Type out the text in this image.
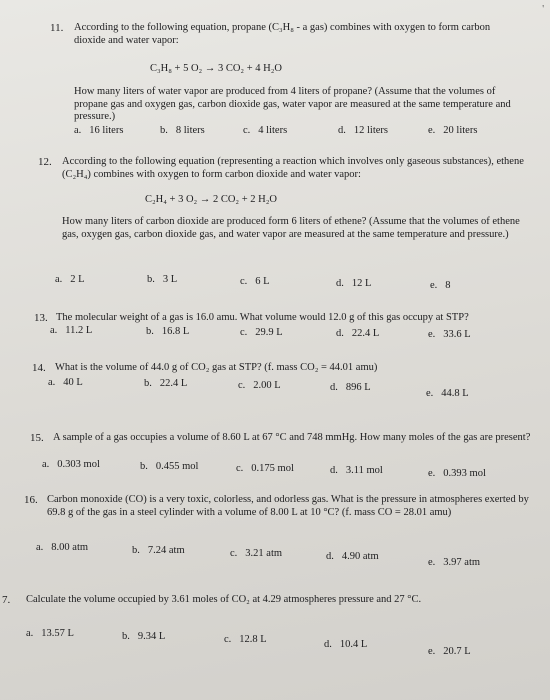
'
11. According to the following equation, propane (C₃H₈ - a gas) combines with oxygen to form carbon dioxide and water vapor:
C₃H₈ + 5 O₂ → 3 CO₂ + 4 H₂O
How many liters of water vapor are produced from 4 liters of propane? (Assume that the volumes of propane gas and oxygen gas, carbon dioxide gas, water vapor are measured at the same temperature and pressure.)
a. 16 liters	b. 8 liters	c. 4 liters	d. 12 liters	e. 20 liters
12. According to the following equation (representing a reaction which involves only gaseous substances), ethene (C₂H₄) combines with oxygen to form carbon dioxide and water vapor:
C₂H₄ + 3 O₂ → 2 CO₂ + 2 H₂O
How many liters of carbon dioxide are produced form 6 liters of ethene? (Assume that the volumes of ethene gas, oxygen gas, carbon dioxide gas, and water vapor are measured at the same temperature and pressure.)
a. 2 L	b. 3 L	c. 6 L	d. 12 L	e. 8
13. The molecular weight of a gas is 16.0 amu. What volume would 12.0 g of this gas occupy at STP?
a. 11.2 L	b. 16.8 L	c. 29.9 L	d. 22.4 L	e. 33.6 L
14. What is the volume of 44.0 g of CO₂ gas at STP? (f. mass CO₂ = 44.01 amu)
a. 40 L	b. 22.4 L	c. 2.00 L	d. 896 L
e. 44.8 L
15. A sample of a gas occupies a volume of 8.60 L at 67 °C and 748 mmHg. How many moles of the gas are present?
a. 0.303 mol	b. 0.455 mol	c. 0.175 mol	d. 3.11 mol	e. 0.393 mol
16. Carbon monoxide (CO) is a very toxic, colorless, and odorless gas. What is the pressure in atmospheres exerted by 69.8 g of the gas in a steel cylinder with a volume of 8.00 L at 10 °C? (f. mass CO = 28.01 amu)
a. 8.00 atm	b. 7.24 atm	c. 3.21 atm	d. 4.90 atm
e. 3.97 atm
7. Calculate the volume occupied by 3.61 moles of CO₂ at 4.29 atmospheres pressure and 27 °C.
a. 13.57 L	b. 9.34 L	c. 12.8 L	d. 10.4 L
e. 20.7 L
